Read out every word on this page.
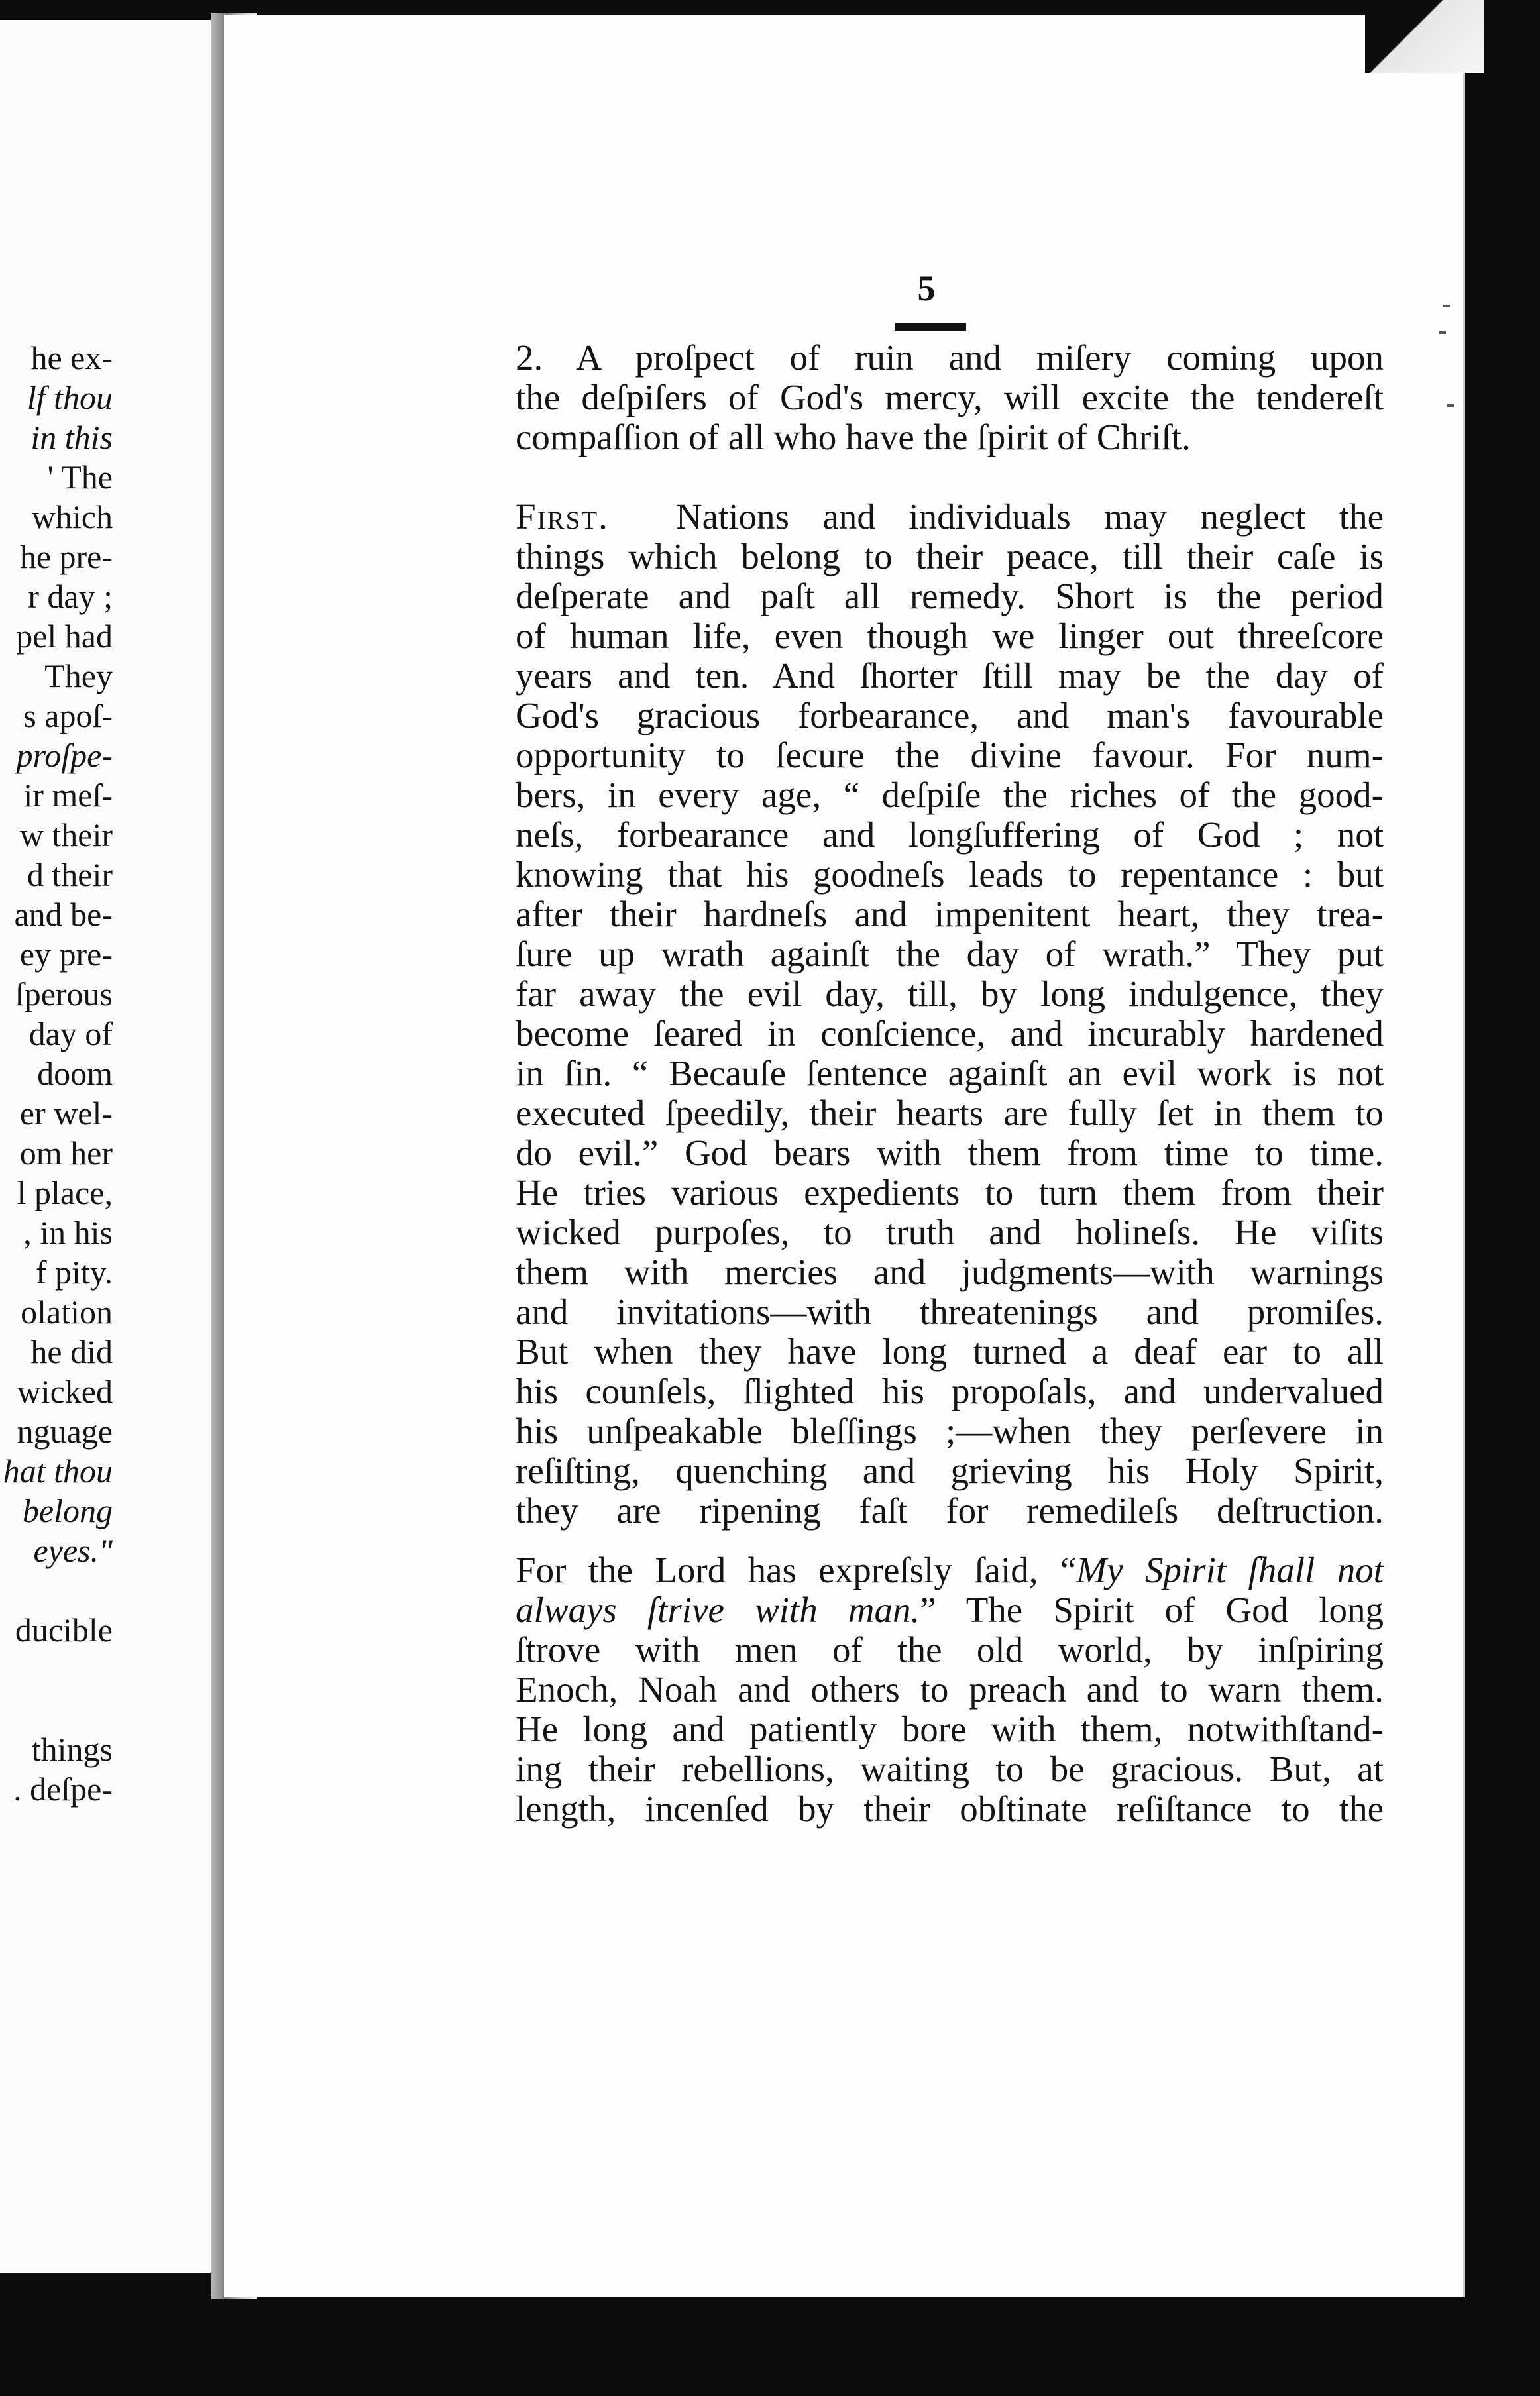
he ex-
lf thou
in this
' The
which
he pre-
r day ;
pel had
They
s apoſ-
proſpe-
ir meſ-
w their
d their
and be-
ey pre-
ſperous
day of
doom
er wel-
om her
l place,
, in his
f pity.
olation
he did
wicked
nguage
hat thou
belong
eyes."
ducible
things
. deſpe-
5
2. A proſpect of ruin and miſery coming upon
the deſpiſers of God's mercy, will excite the tendereſt
compaſſion of all who have the ſpirit of Chriſt.
First. Nations and individuals may neglect the
things which belong to their peace, till their caſe is
deſperate and paſt all remedy. Short is the period
of human life, even though we linger out threeſcore
years and ten. And ſhorter ſtill may be the day of
God's gracious forbearance, and man's favourable
opportunity to ſecure the divine favour. For num-
bers, in every age, “ deſpiſe the riches of the good-
neſs, forbearance and longſuffering of God ; not
knowing that his goodneſs leads to repentance : but
after their hardneſs and impenitent heart, they trea-
ſure up wrath againſt the day of wrath.” They put
far away the evil day, till, by long indulgence, they
become ſeared in conſcience, and incurably hardened
in ſin. “ Becauſe ſentence againſt an evil work is not
executed ſpeedily, their hearts are fully ſet in them to
do evil.” God bears with them from time to time.
He tries various expedients to turn them from their
wicked purpoſes, to truth and holineſs. He viſits
them with mercies and judgments—with warnings
and invitations—with threatenings and promiſes.
But when they have long turned a deaf ear to all
his counſels, ſlighted his propoſals, and undervalued
his unſpeakable bleſſings ;—when they perſevere in
reſiſting, quenching and grieving his Holy Spirit,
they are ripening faſt for remedileſs deſtruction.
For the Lord has expreſsly ſaid, “My Spirit ſhall not
always ſtrive with man.” The Spirit of God long
ſtrove with men of the old world, by inſpiring
Enoch, Noah and others to preach and to warn them.
He long and patiently bore with them, notwithſtand-
ing their rebellions, waiting to be gracious. But, at
length, incenſed by their obſtinate reſiſtance to the
